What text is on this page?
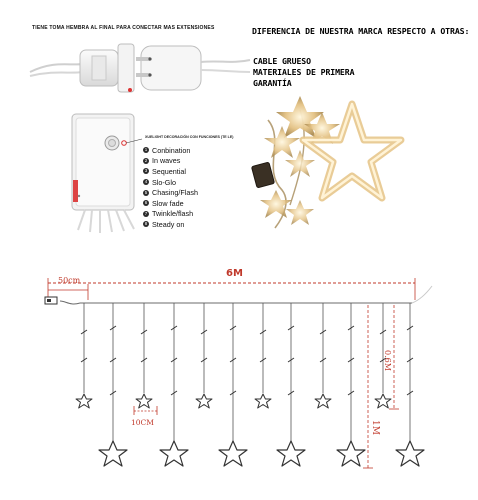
TIENE TOMA HEMBRA AL FINAL PARA CONECTAR MAS EXTENSIONES	DIFERENCIA DE NUESTRA MARCA RESPECTO A OTRAS:
CABLE GRUESO
MATERIALES DE PRIMERA
GARANTÍA
XUELIGHT DECORACIÓN CON FUNCIONES (TE LE)
1 Conbination
2 In waves
3 Sequential
4 Slo-Glo
5 Chasing/Flash
6 Slow fade
7 Twinkle/flash
8 Steady on
6M
50cm
10CM
0.6M
1M
